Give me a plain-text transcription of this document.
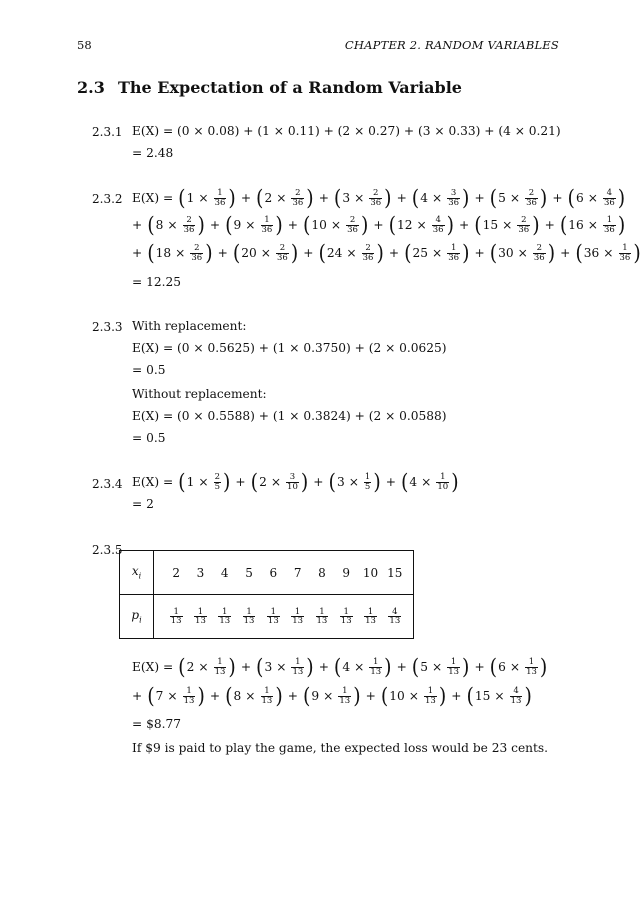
58	CHAPTER 2. RANDOM VARIABLES
2.3 The Expectation of a Random Variable
2.3.1 E(X) = (0 × 0.08) + (1 × 0.11) + (2 × 0.27) + (3 × 0.33) + (4 × 0.21)
= 2.48
2.3.2 E(X) = ( $1 \times \frac{1}{36}$ ) + ( $2 \times \frac{2}{36}$ ) + ( $3 \times \frac{2}{36}$ ) + ( $4 \times \frac{3}{36}$ ) + ( $5 \times \frac{2}{36}$ ) + ( $6 \times \frac{4}{36}$ )
+ ( $8 \times \frac{2}{36}$ ) + ( $9 \times \frac{1}{36}$ ) + ( $10 \times \frac{2}{36}$ ) + ( $12 \times \frac{4}{36}$ ) + ( $15 \times \frac{2}{36}$ ) + ( $16 \times \frac{1}{36}$ )
+ ( $18 \times \frac{2}{36}$ ) + ( $20 \times \frac{2}{36}$ ) + ( $24 \times \frac{2}{36}$ ) + ( $25 \times \frac{1}{36}$ ) + ( $30 \times \frac{2}{36}$ ) + ( $36 \times \frac{1}{36}$ )
= 12.25
2.3.3 With replacement:
E(X) = (0 × 0.5625) + (1 × 0.3750) + (2 × 0.0625)
= 0.5
Without replacement:
E(X) = (0 × 0.5588) + (1 × 0.3824) + (2 × 0.0588)
= 0.5
2.3.4 E(X) = ( $1 \times \frac{2}{5}$ ) + ( $2 \times \frac{3}{10}$ ) + ( $3 \times \frac{1}{5}$ ) + ( $4 \times \frac{1}{10}$ )
= 2
2.3.5
$x_i$		2	3	4	5	6	7	8	9	10	15	
$p_i$		$\frac{1}{13}$	$\frac{1}{13}$	$\frac{1}{13}$	$\frac{1}{13}$	$\frac{1}{13}$	$\frac{1}{13}$	$\frac{1}{13}$	$\frac{1}{13}$	$\frac{1}{13}$	$\frac{4}{13}$

E(X) = ( $2 \times \frac{1}{13}$ ) + ( $3 \times \frac{1}{13}$ ) + ( $4 \times \frac{1}{13}$ ) + ( $5 \times \frac{1}{13}$ ) + ( $6 \times \frac{1}{13}$ )
+ ( $7 \times \frac{1}{13}$ ) + ( $8 \times \frac{1}{13}$ ) + ( $9 \times \frac{1}{13}$ ) + ( $10 \times \frac{1}{13}$ ) + ( $15 \times \frac{4}{13}$ )
= $8.77
If $9 is paid to play the game, the expected loss would be 23 cents.
